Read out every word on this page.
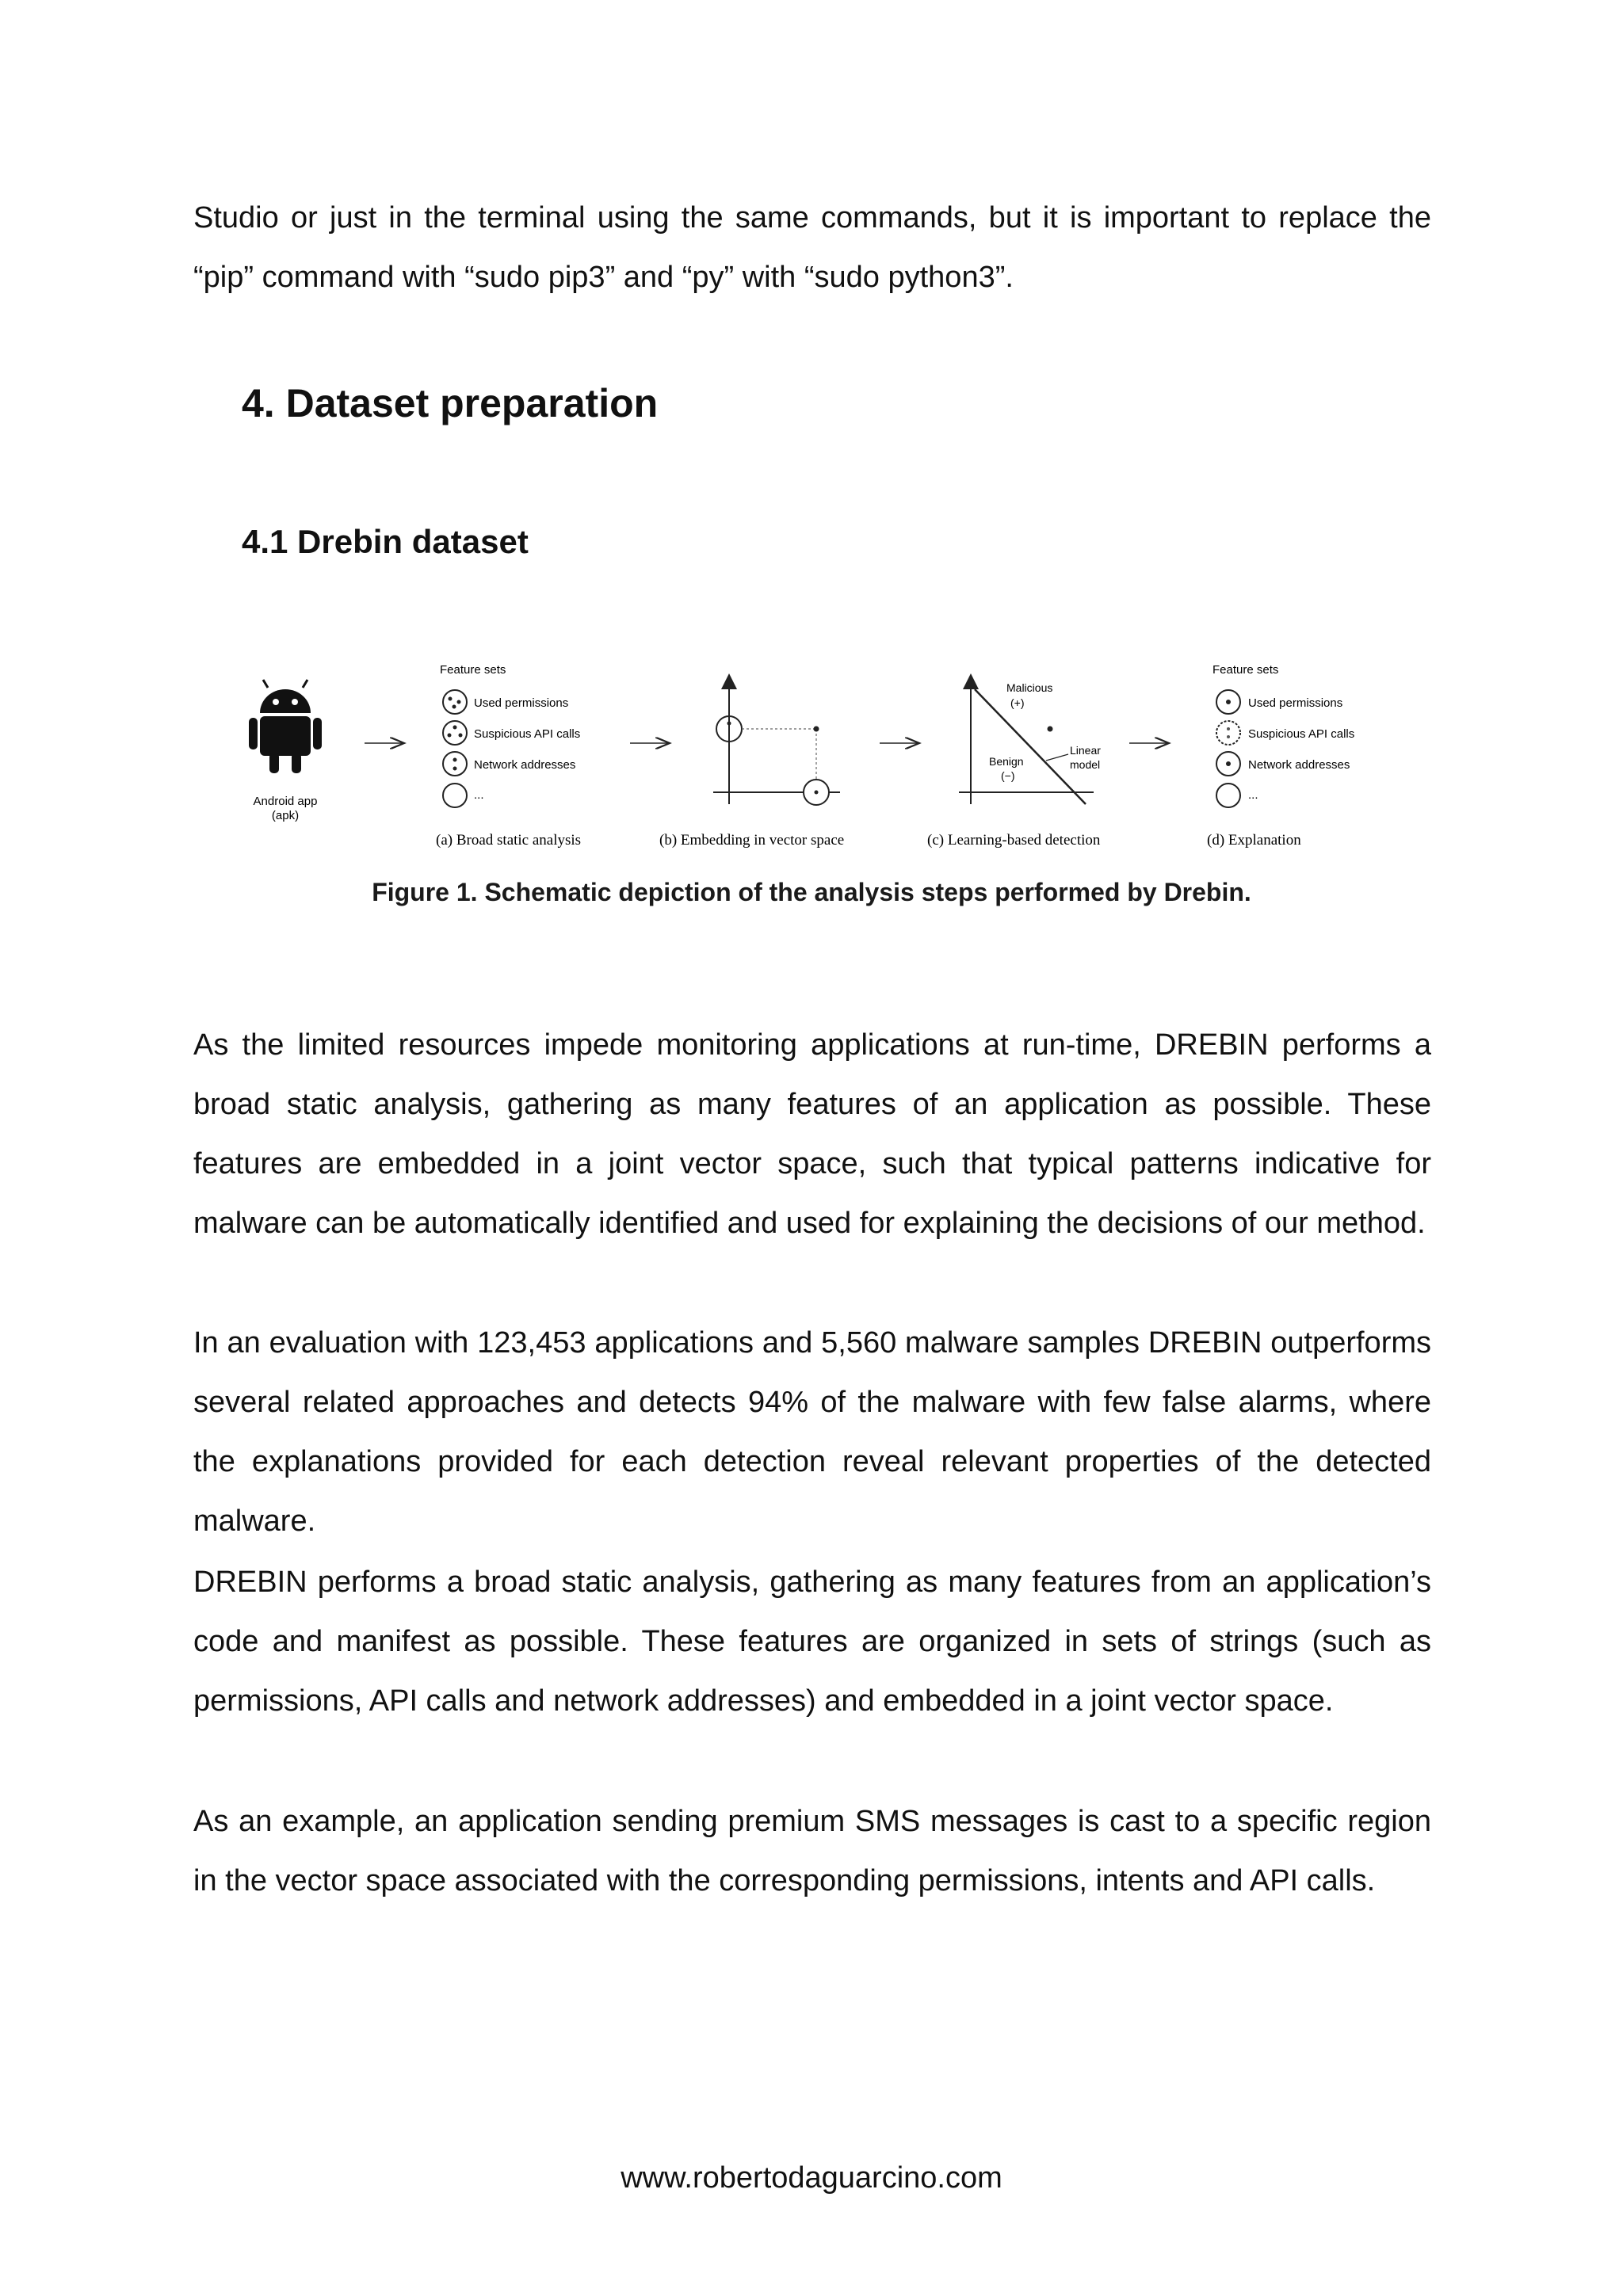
Studio or just in the terminal using the same commands, but it is important to replace the “pip” command with “sudo pip3” and “py” with “sudo python3”.

4. Dataset preparation
4.1 Drebin dataset
Android app
(apk)
Feature sets
Used permissions
Suspicious API calls
Network addresses
...
Malicious
(+)
Benign
(−)
Linear
model
Feature sets
Used permissions
Suspicious API calls
Network addresses
...
(a) Broad static analysis	(b) Embedding in vector space	(c) Learning-based detection	(d) Explanation

Figure 1. Schematic depiction of the analysis steps performed by Drebin.

As the limited resources impede monitoring applications at run-time, DREBIN performs a broad static analysis, gathering as many features of an application as possible. These features are embedded in a joint vector space, such that typical patterns indicative for malware can be automatically identified and used for explaining the decisions of our method.

In an evaluation with 123,453 applications and 5,560 malware samples DREBIN outperforms several related approaches and detects 94% of the malware with few false alarms, where the explanations provided for each detection reveal relevant properties of the detected malware.

DREBIN performs a broad static analysis, gathering as many features from an application’s code and manifest as possible. These features are organized in sets of strings (such as permissions, API calls and network addresses) and embedded in a joint vector space.

As an example, an application sending premium SMS messages is cast to a specific region in the vector space associated with the corresponding permissions, intents and API calls.

www.robertodaguarcino.com
